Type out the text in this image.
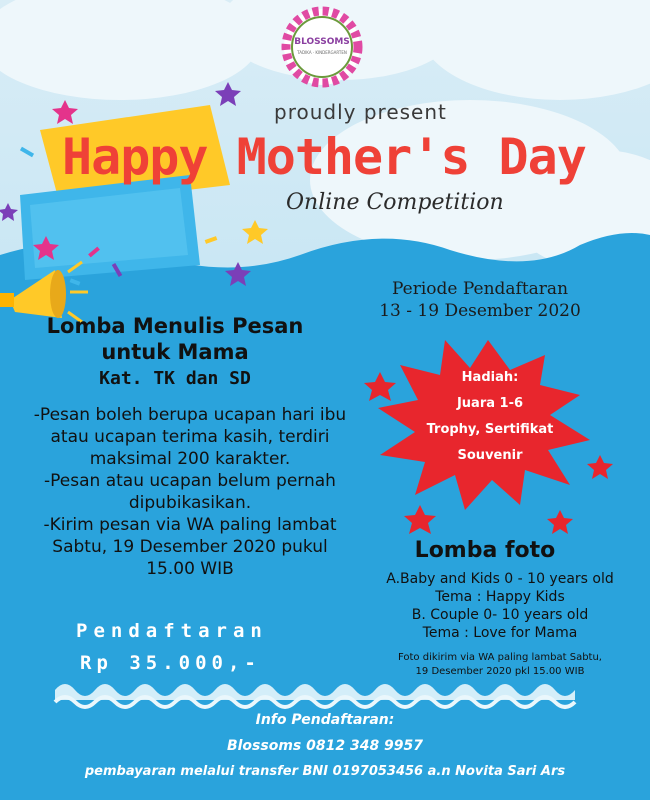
BLOSSOMS
TADIKA · KINDERGARTEN
proudly present
Happy Mother's Day
Online Competition
Periode Pendaftaran
13 - 19 Desember 2020
Hadiah:
Juara 1-6
Trophy, Sertifikat
Souvenir
Lomba Menulis Pesan
untuk Mama
Kat. TK dan SD
-Pesan boleh berupa ucapan hari ibu
atau ucapan terima kasih, terdiri
maksimal 200 karakter.
-Pesan atau ucapan belum pernah
dipubikasikan.
-Kirim pesan via WA paling lambat
Sabtu, 19 Desember 2020 pukul
15.00 WIB
Pendaftaran
Rp 35.000,-
Lomba foto
A.Baby and Kids 0 - 10 years old
Tema : Happy Kids
B. Couple 0- 10 years old
Tema : Love for Mama
Foto dikirim via WA paling lambat Sabtu,
19 Desember 2020 pkl 15.00 WIB
Info Pendaftaran:
Blossoms 0812 348 9957
pembayaran melalui transfer BNI 0197053456 a.n Novita Sari Ars
